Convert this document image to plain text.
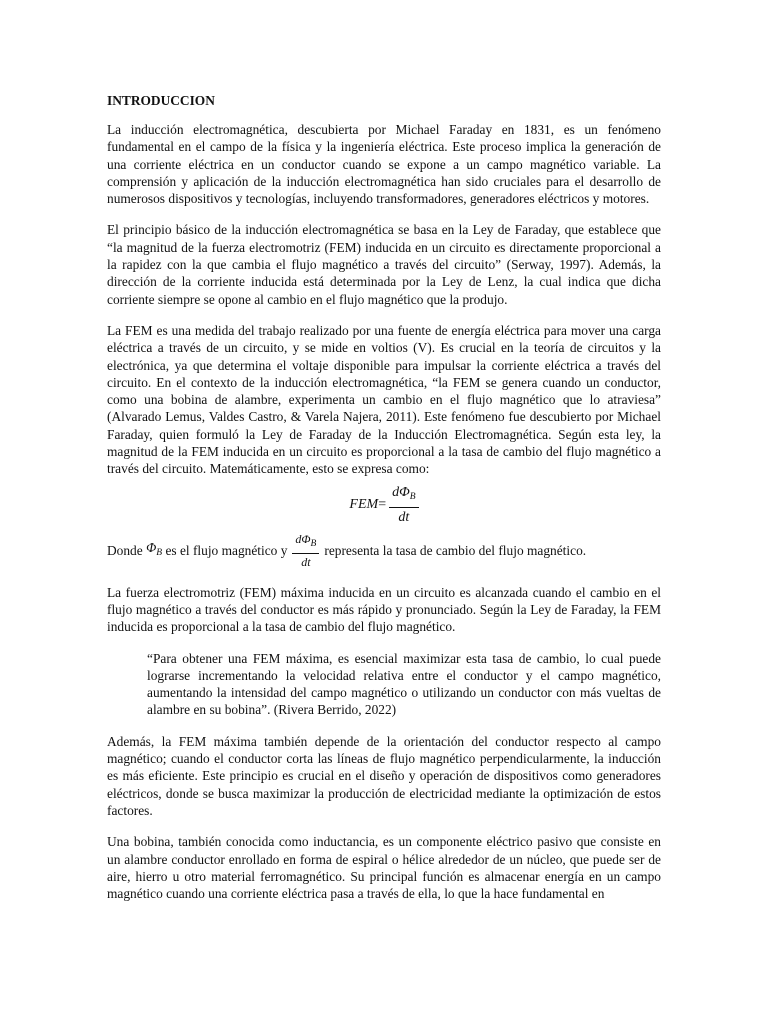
INTRODUCCION

La inducción electromagnética, descubierta por Michael Faraday en 1831, es un fenómeno fundamental en el campo de la física y la ingeniería eléctrica. Este proceso implica la generación de una corriente eléctrica en un conductor cuando se expone a un campo magnético variable. La comprensión y aplicación de la inducción electromagnética han sido cruciales para el desarrollo de numerosos dispositivos y tecnologías, incluyendo transformadores, generadores eléctricos y motores.

El principio básico de la inducción electromagnética se basa en la Ley de Faraday, que establece que “la magnitud de la fuerza electromotriz (FEM) inducida en un circuito es directamente proporcional a la rapidez con la que cambia el flujo magnético a través del circuito” (Serway, 1997). Además, la dirección de la corriente inducida está determinada por la Ley de Lenz, la cual indica que dicha corriente siempre se opone al cambio en el flujo magnético que la produjo.

La FEM es una medida del trabajo realizado por una fuente de energía eléctrica para mover una carga eléctrica a través de un circuito, y se mide en voltios (V). Es crucial en la teoría de circuitos y la electrónica, ya que determina el voltaje disponible para impulsar la corriente eléctrica a través del circuito. En el contexto de la inducción electromagnética, “la FEM se genera cuando un conductor, como una bobina de alambre, experimenta un cambio en el flujo magnético que lo atraviesa” (Alvarado Lemus, Valdes Castro, & Varela Najera, 2011). Este fenómeno fue descubierto por Michael Faraday, quien formuló la Ley de Faraday de la Inducción Electromagnética. Según esta ley, la magnitud de la FEM inducida en un circuito es proporcional a la tasa de cambio del flujo magnético a través del circuito. Matemáticamente, esto se expresa como:

FEM = $\frac{d\Phi_B}{dt}$
Donde
$\Phi_B$
es el flujo magnético y $\frac{d\Phi_B}{dt}$ representa la tasa de cambio del flujo magnético.

La fuerza electromotriz (FEM) máxima inducida en un circuito es alcanzada cuando el cambio en el flujo magnético a través del conductor es más rápido y pronunciado. Según la Ley de Faraday, la FEM inducida es proporcional a la tasa de cambio del flujo magnético.

“Para obtener una FEM máxima, es esencial maximizar esta tasa de cambio, lo cual puede lograrse incrementando la velocidad relativa entre el conductor y el campo magnético, aumentando la intensidad del campo magnético o utilizando un conductor con más vueltas de alambre en su bobina”. (Rivera Berrido, 2022)

Además, la FEM máxima también depende de la orientación del conductor respecto al campo magnético; cuando el conductor corta las líneas de flujo magnético perpendicularmente, la inducción es más eficiente. Este principio es crucial en el diseño y operación de dispositivos como generadores eléctricos, donde se busca maximizar la producción de electricidad mediante la optimización de estos factores.

Una bobina, también conocida como inductancia, es un componente eléctrico pasivo que consiste en un alambre conductor enrollado en forma de espiral o hélice alrededor de un núcleo, que puede ser de aire, hierro u otro material ferromagnético. Su principal función es almacenar energía en un campo magnético cuando una corriente eléctrica pasa a través de ella, lo que la hace fundamental en
